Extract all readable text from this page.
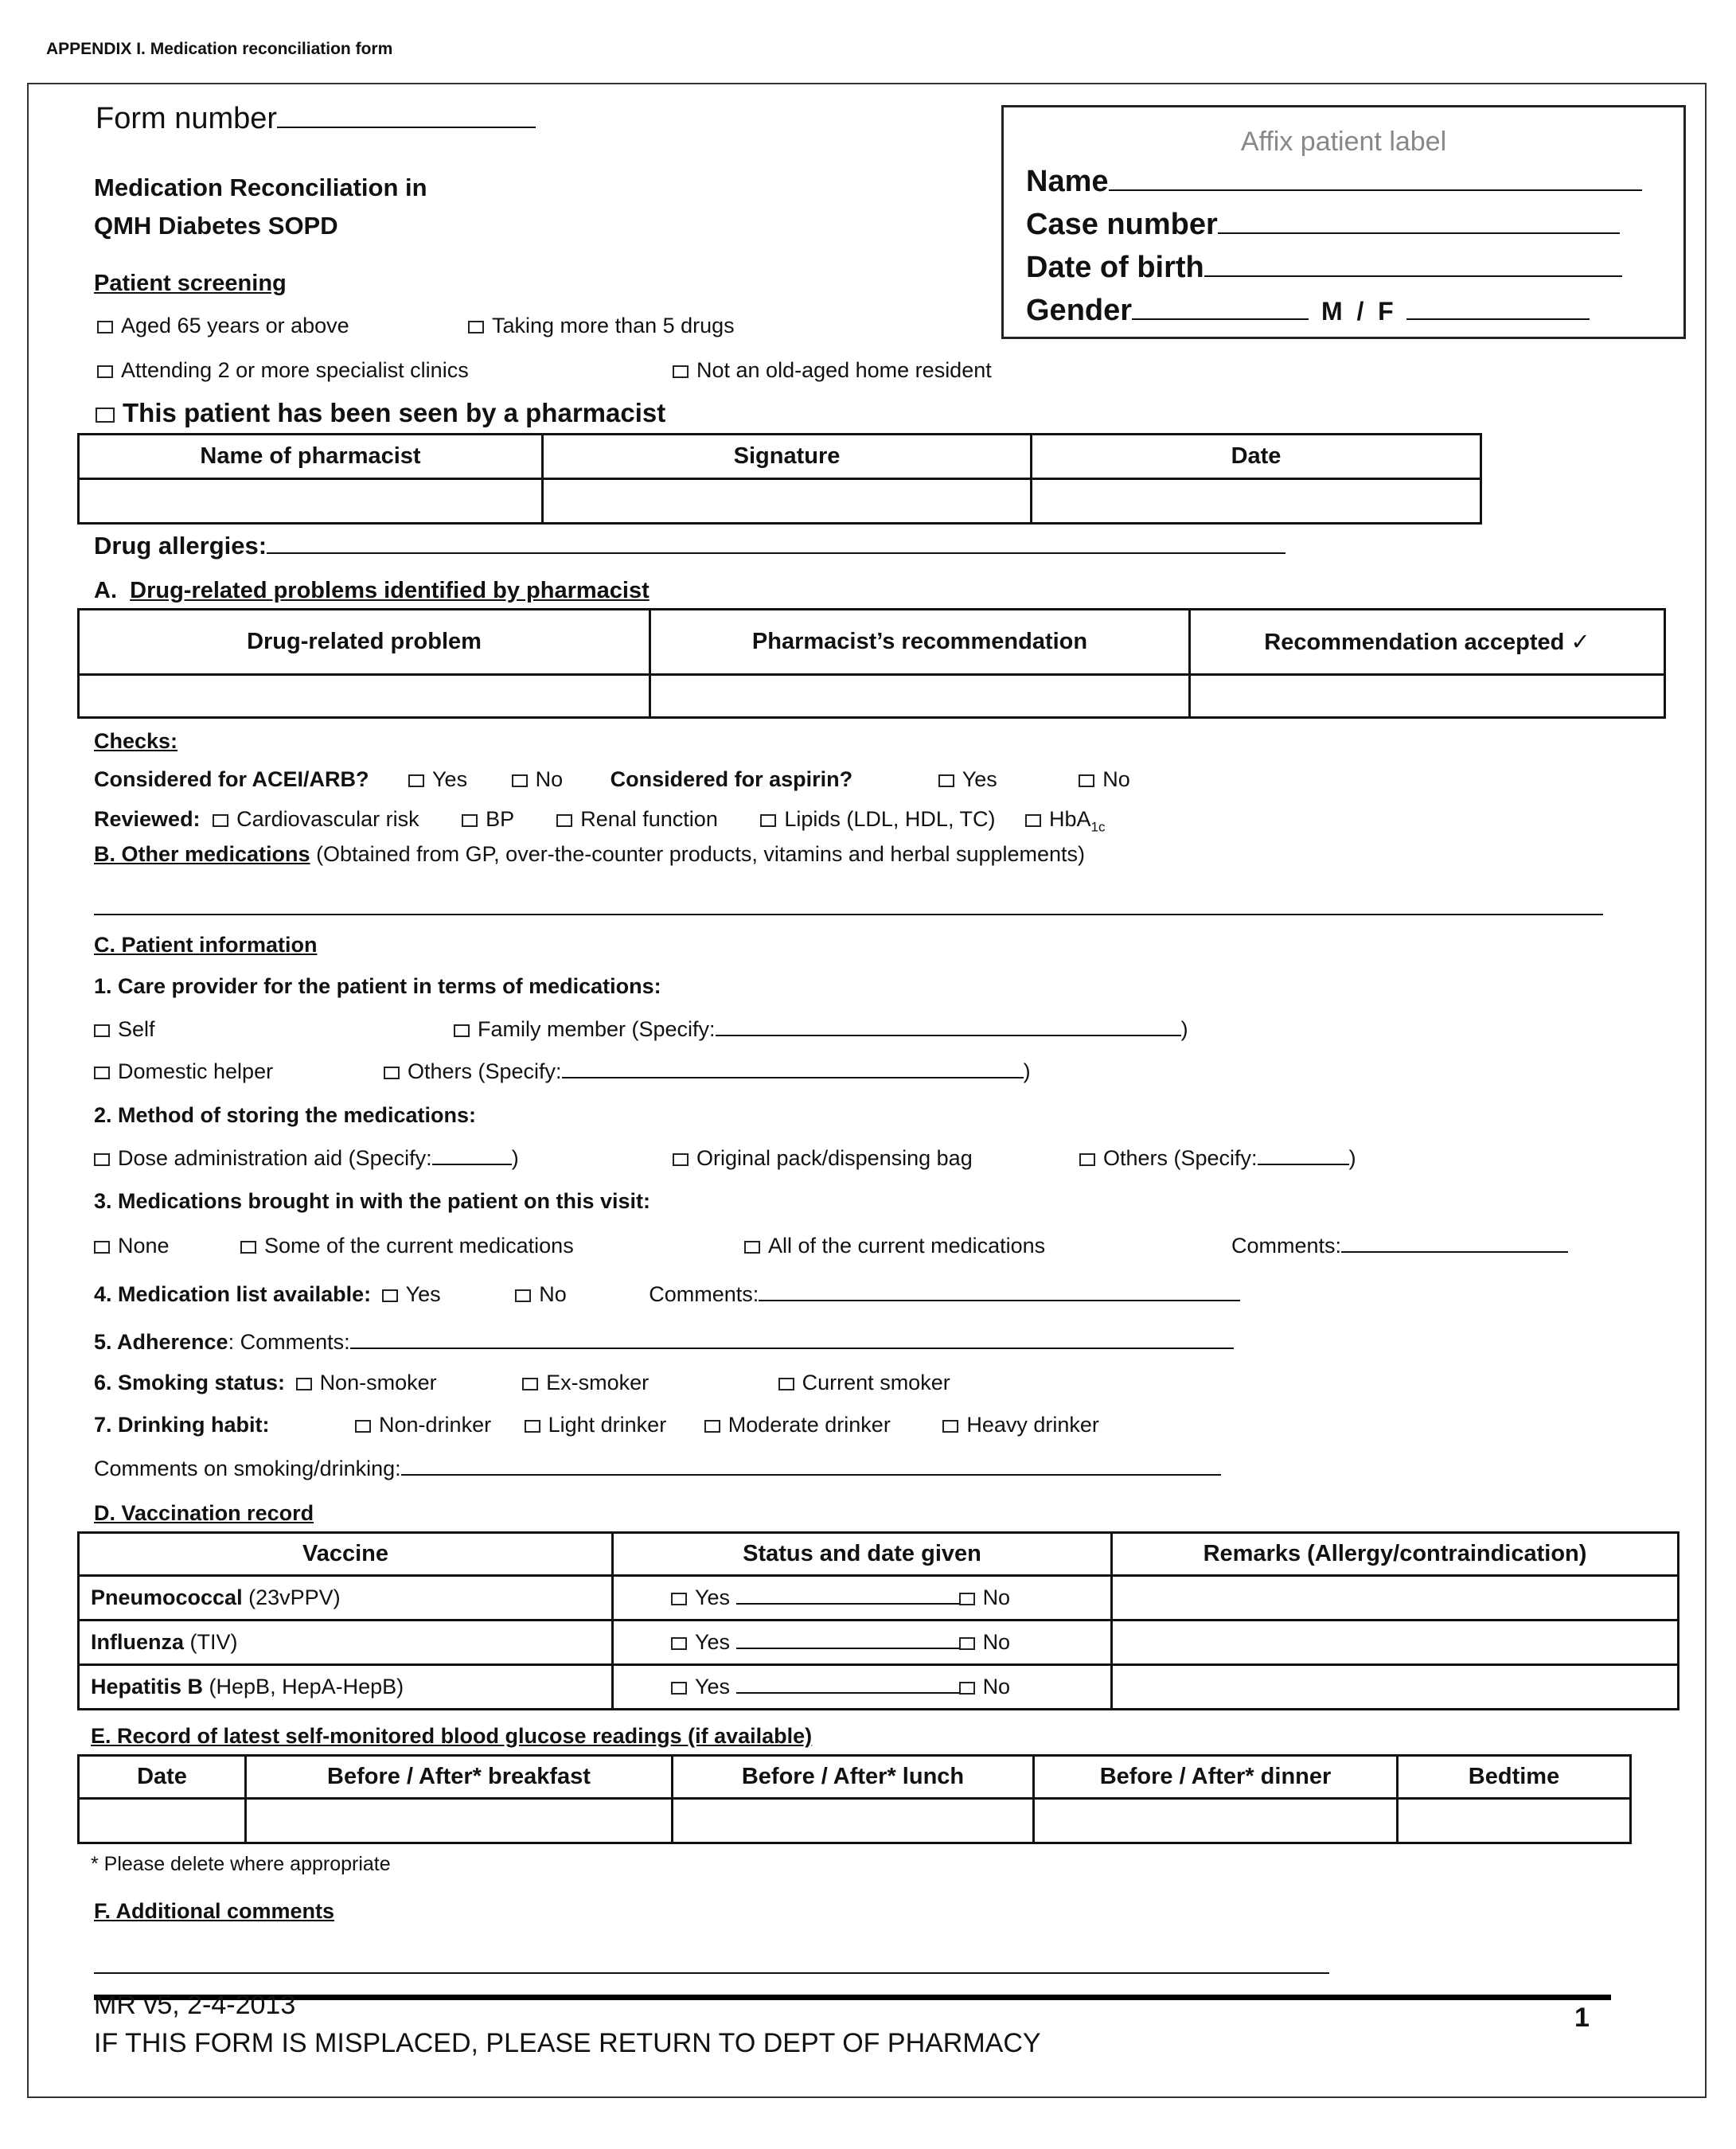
APPENDIX I. Medication reconciliation form
Form number
Medication Reconciliation in
QMH Diabetes SOPD
Affix patient label
Name
Case number
Date of birth
Gender	M  /  F
Patient screening
Aged 65 years or above	Taking more than 5 drugs
Attending 2 or more specialist clinics	Not an old-aged home resident
This patient has been seen by a pharmacist
Name of pharmacist	Signature	Date

Drug allergies:
A. Drug-related problems identified by pharmacist
Drug-related problem	Pharmacist’s recommendation	Recommendation accepted ✓

Checks:
Considered for ACEI/ARB?	Yes	No Considered for aspirin?	Yes	No
Reviewed: Cardiovascular risk	BP	Renal function	Lipids (LDL, HDL, TC)	HbA$_{1c}$
B. Other medications (Obtained from GP, over-the-counter products, vitamins and herbal supplements)
C. Patient information
1. Care provider for the patient in terms of medications:
Self	Family member (Specify:	)
Domestic helper	Others (Specify:	)
2. Method of storing the medications:
Dose administration aid (Specify:	)	Original pack/dispensing bag	Others (Specify:	)
3. Medications brought in with the patient on this visit:
None	Some of the current medications	All of the current medications	Comments:
4. Medication list available: Yes	No	Comments:
5. Adherence: Comments:
6. Smoking status: Non-smoker	Ex-smoker	Current smoker
7. Drinking habit:	Non-drinker	Light drinker	Moderate drinker	Heavy drinker
Comments on smoking/drinking:
D. Vaccination record
Vaccine	Status and date given	Remarks (Allergy/contraindication)
Pneumococcal (23vPPV)	Yes No	
Influenza (TIV)	Yes No	
Hepatitis B (HepB, HepA-HepB)	Yes No	
E. Record of latest self-monitored blood glucose readings (if available)
Date	Before / After* breakfast	Before / After* lunch	Before / After* dinner	Bedtime

* Please delete where appropriate
F. Additional comments
MR v5, 2-4-2013
IF THIS FORM IS MISPLACED, PLEASE RETURN TO DEPT OF PHARMACY
1
